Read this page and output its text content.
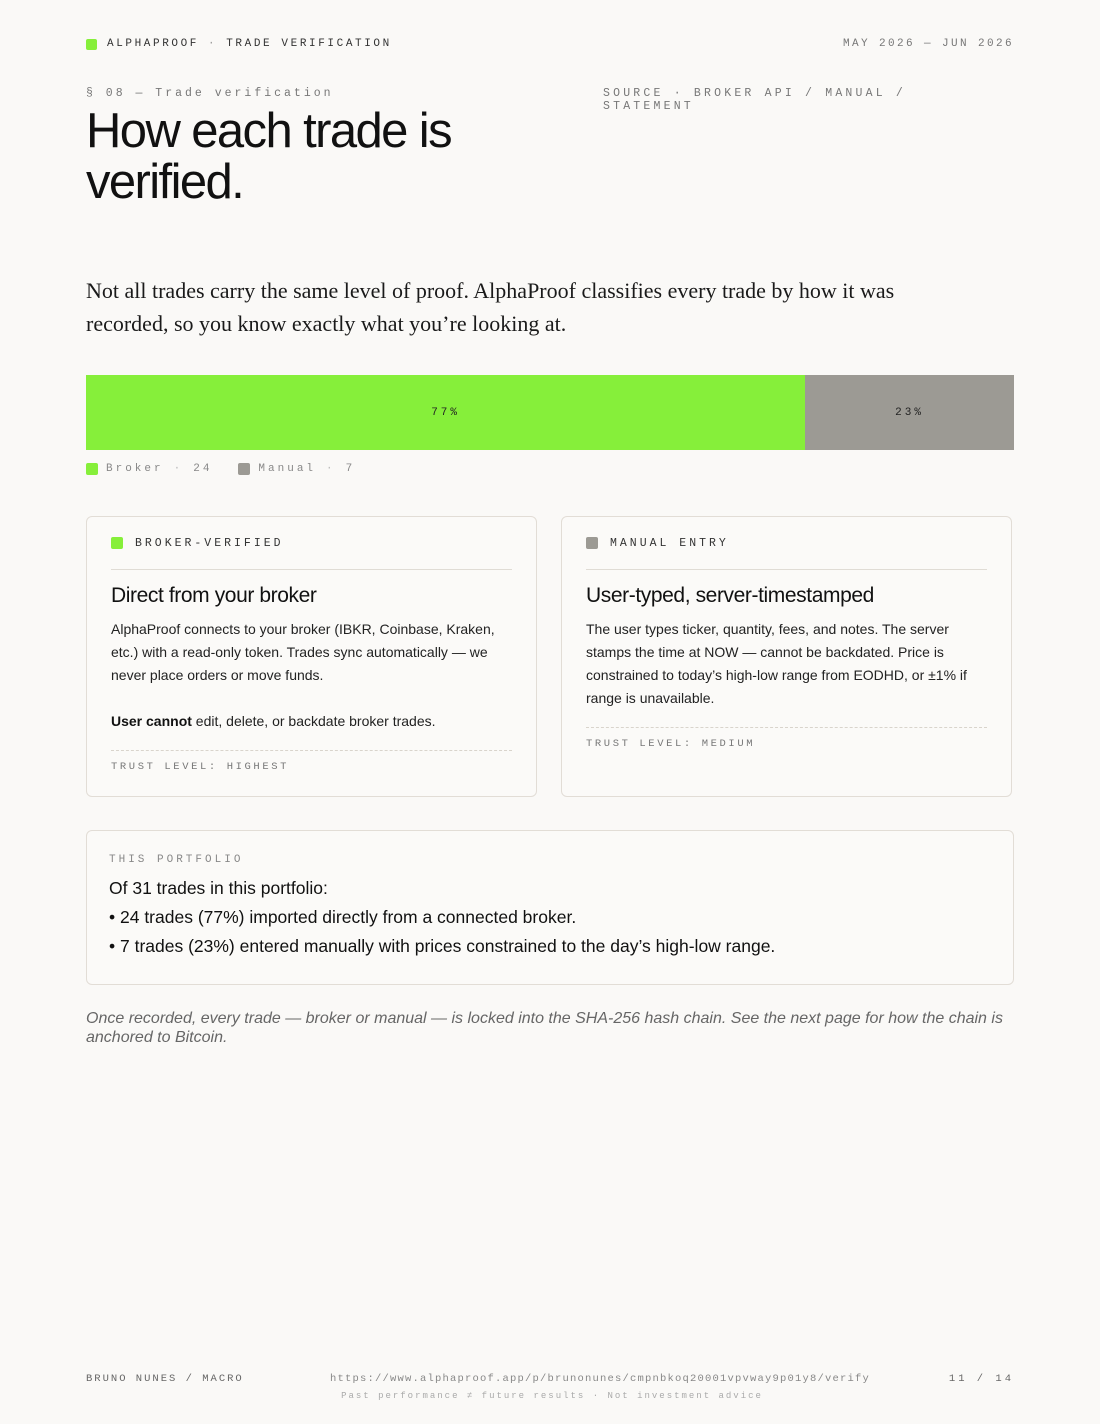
ALPHAPROOF · TRADE VERIFICATION	MAY 2026 — JUN 2026
§ 08 — Trade verification
How each trade is verified.
SOURCE · BROKER API / MANUAL / STATEMENT

Not all trades carry the same level of proof. AlphaProof classifies every trade by how it was recorded, so you know exactly what you’re looking at.

77%	23%
Broker · 24	Manual · 7
BROKER-VERIFIED
Direct from your broker

AlphaProof connects to your broker (IBKR, Coinbase, Kraken, etc.) with a read-only token. Trades sync automatically — we never place orders or move funds.

User cannot edit, delete, or backdate broker trades.

TRUST LEVEL: HIGHEST
MANUAL ENTRY
User-typed, server-timestamped

The user types ticker, quantity, fees, and notes. The server stamps the time at NOW — cannot be backdated. Price is constrained to today’s high-low range from EODHD, or ±1% if range is unavailable.

TRUST LEVEL: MEDIUM
THIS PORTFOLIO
Of 31 trades in this portfolio:
• 24 trades (77%) imported directly from a connected broker.
• 7 trades (23%) entered manually with prices constrained to the day’s high-low range.

Once recorded, every trade — broker or manual — is locked into the SHA-256 hash chain. See the next page for how the chain is anchored to Bitcoin.

BRUNO NUNES / MACRO	https://www.alphaproof.app/p/brunonunes/cmpnbkoq20001vpvway9p01y8/verify
Past performance ≠ future results · Not investment advice
11 / 14
